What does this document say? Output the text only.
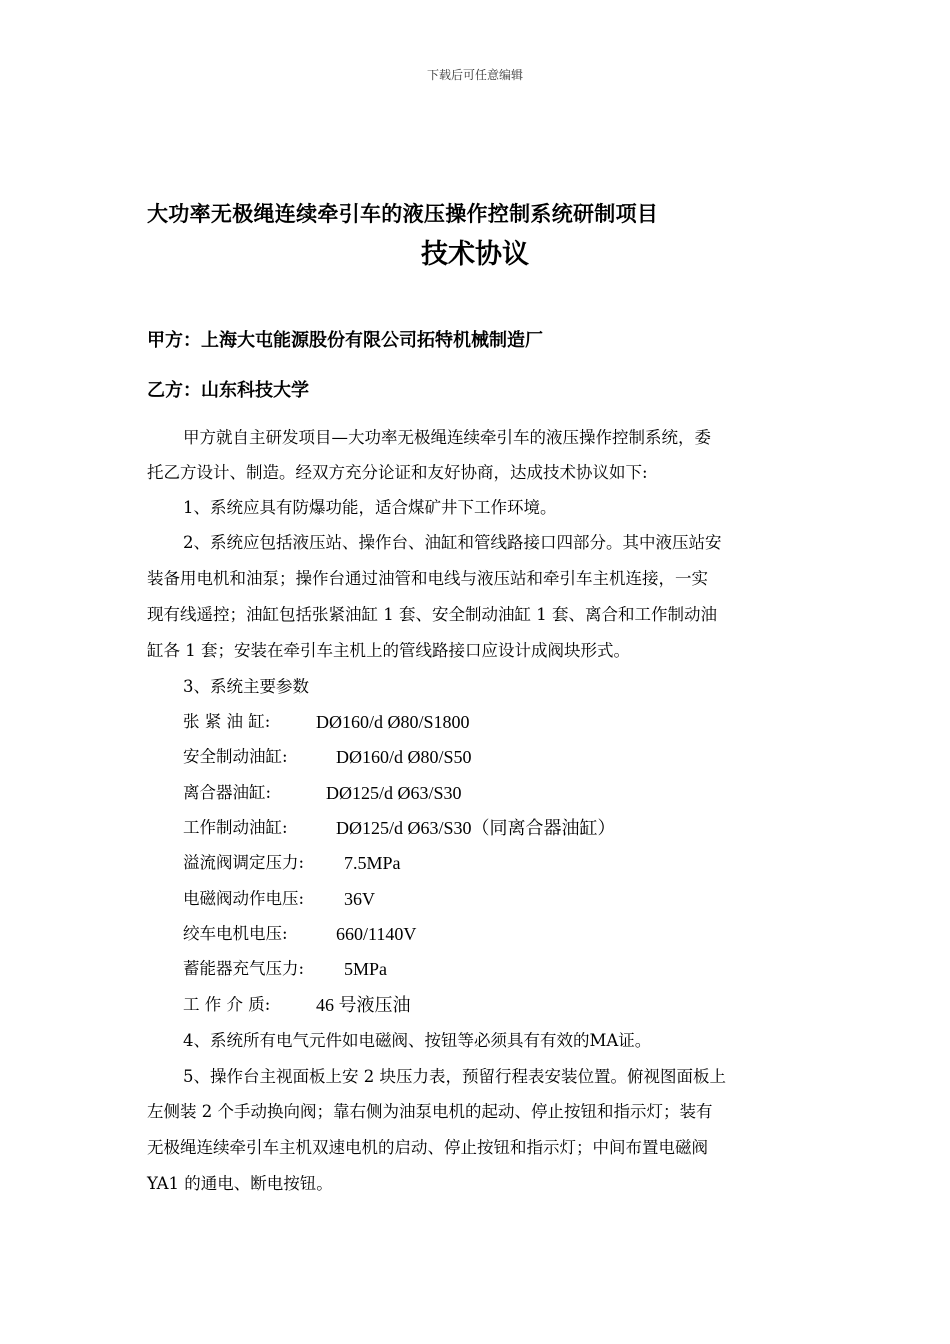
下载后可任意编辑
大功率无极绳连续牵引车的液压操作控制系统研制项目
技术协议
甲方：上海大屯能源股份有限公司拓特机械制造厂
乙方：山东科技大学
甲方就自主研发项目—大功率无极绳连续牵引车的液压操作控制系统，委
托乙方设计、制造。经双方充分论证和友好协商，达成技术协议如下:
1、系统应具有防爆功能，适合煤矿井下工作环境。
2、系统应包括液压站、操作台、油缸和管线路接口四部分。其中液压站安
装备用电机和油泵；操作台通过油管和电线与液压站和牵引车主机连接，一实
现有线遥控；油缸包括张紧油缸 1 套、安全制动油缸 1 套、离合和工作制动油
缸各 1 套；安装在牵引车主机上的管线路接口应设计成阀块形式。
3、系统主要参数
张 紧 油 缸:	DØ160/d Ø80/S1800
安全制动油缸:	DØ160/d Ø80/S50
离合器油缸:	DØ125/d Ø63/S30
工作制动油缸:	DØ125/d Ø63/S30（同离合器油缸）
溢流阀调定压力: 7.5MPa
电磁阀动作电压: 36V
绞车电机电压:	660/1140V
蓄能器充气压力: 5MPa
工 作 介 质:	46 号液压油
4、系统所有电气元件如电磁阀、按钮等必须具有有效的MA证。
5、操作台主视面板上安 2 块压力表，预留行程表安装位置。俯视图面板上
左侧装 2 个手动换向阀；靠右侧为油泵电机的起动、停止按钮和指示灯；装有
无极绳连续牵引车主机双速电机的启动、停止按钮和指示灯；中间布置电磁阀
YA1 的通电、断电按钮。
